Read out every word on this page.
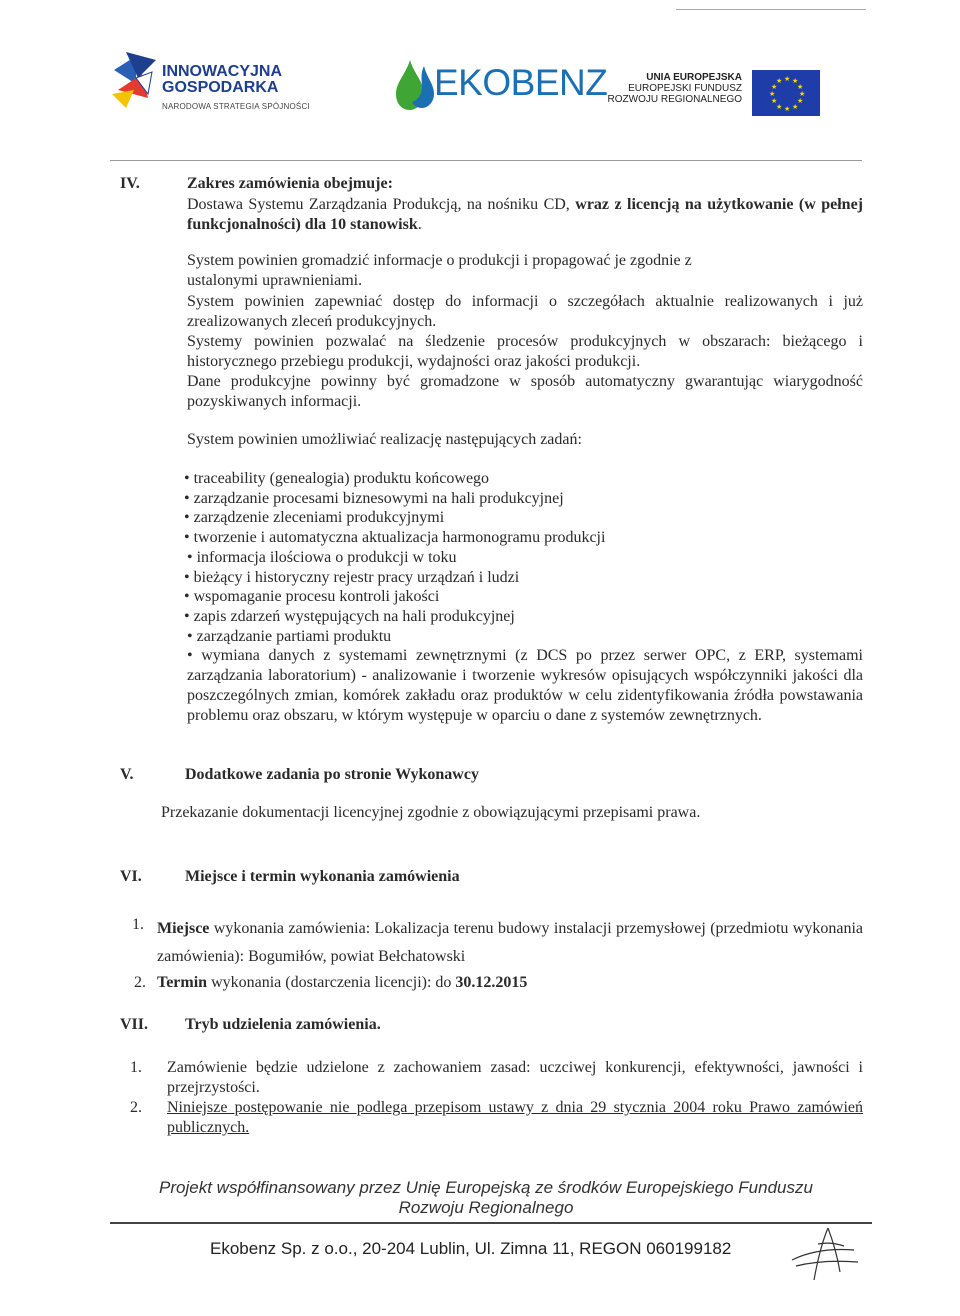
INNOWACYJNA
GOSPODARKA
NARODOWA STRATEGIA SPÓJNOŚCI
EKOBENZ	UNIA EUROPEJSKA
EUROPEJSKI FUNDUSZ
ROZWOJU REGIONALNEGO
★ ★
★
★
★
★
★
★
★
★
★
★
IV.	Zakres zamówienia obejmuje:
Dostawa Systemu Zarządzania Produkcją, na nośniku CD, wraz z licencją na użytkowanie (w pełnej funkcjonalności) dla 10 stanowisk.
System powinien gromadzić informacje o produkcji i propagować je zgodnie z ustalonymi uprawnieniami.
System powinien zapewniać dostęp do informacji o szczegółach aktualnie realizowanych i już zrealizowanych zleceń produkcyjnych.
Systemy powinien pozwalać na śledzenie procesów produkcyjnych w obszarach: bieżącego i historycznego przebiegu produkcji, wydajności oraz jakości produkcji.
Dane produkcyjne powinny być gromadzone w sposób automatyczny gwarantując wiarygodność pozyskiwanych informacji.
System powinien umożliwiać realizację następujących zadań:
• traceability (genealogia) produktu końcowego
• zarządzanie procesami biznesowymi na hali produkcyjnej
• zarządzenie zleceniami produkcyjnymi
• tworzenie i automatyczna aktualizacja harmonogramu produkcji
• informacja ilościowa o produkcji w toku
• bieżący i historyczny rejestr pracy urządzań i ludzi
• wspomaganie procesu kontroli jakości
• zapis zdarzeń występujących na hali produkcyjnej
• zarządzanie partiami produktu
• wymiana danych z systemami zewnętrznymi (z DCS po przez serwer OPC, z ERP, systemami zarządzania laboratorium) - analizowanie i tworzenie wykresów opisujących współczynniki jakości dla poszczególnych zmian, komórek zakładu oraz produktów w celu zidentyfikowania źródła powstawania problemu oraz obszaru, w którym występuje w oparciu o dane z systemów zewnętrznych.
V.	Dodatkowe zadania po stronie Wykonawcy
Przekazanie dokumentacji licencyjnej zgodnie z obowiązującymi przepisami prawa.
VI.	Miejsce i termin wykonania zamówienia
1. Miejsce wykonania zamówienia: Lokalizacja terenu budowy instalacji przemysłowej (przedmiotu wykonania zamówienia): Bogumiłów, powiat Bełchatowski
2. Termin wykonania (dostarczenia licencji): do 30.12.2015
VII. Tryb udzielenia zamówienia.
1. Zamówienie będzie udzielone z zachowaniem zasad: uczciwej konkurencji, efektywności, jawności i przejrzystości.
2. Niniejsze postępowanie nie podlega przepisom ustawy z dnia 29 stycznia 2004 roku Prawo zamówień publicznych.
Projekt współfinansowany przez Unię Europejską ze środków Europejskiego Funduszu
Rozwoju Regionalnego
Ekobenz Sp. z o.o., 20-204 Lublin, Ul. Zimna 11, REGON 060199182
